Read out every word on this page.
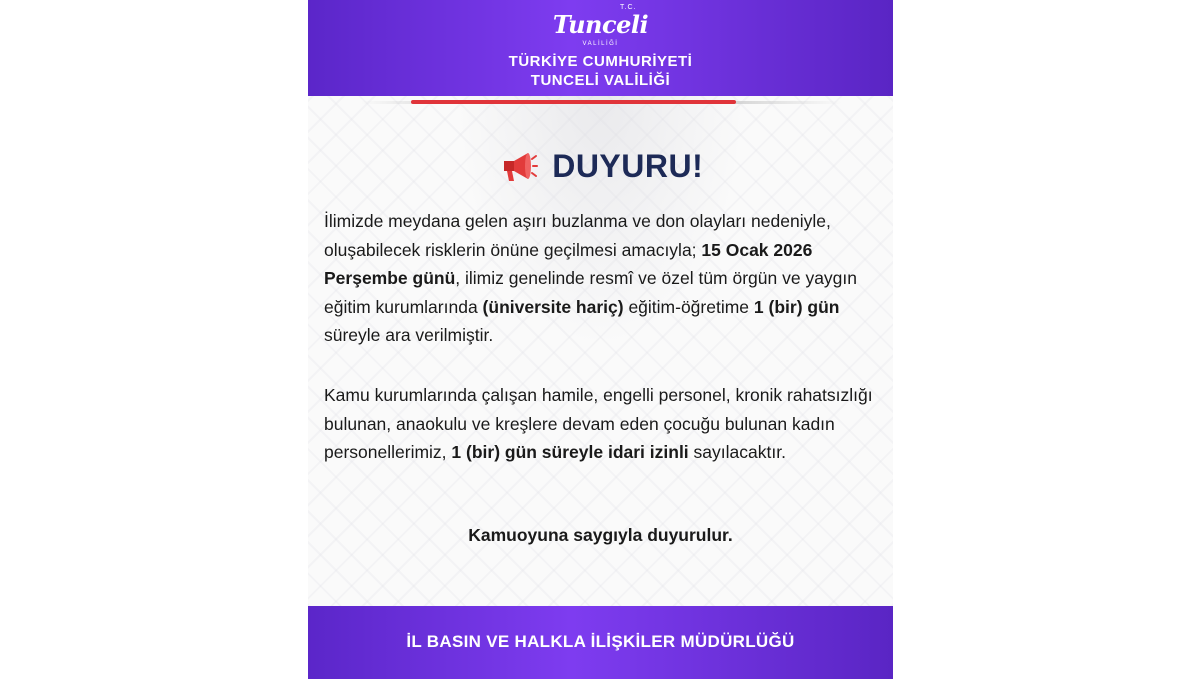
T.C.
Tunceli
VALİLİĞİ
TÜRKİYE CUMHURİYETİ
TUNCELİ VALİLİĞİ
DUYURU!
İlimizde meydana gelen aşırı buzlanma ve don olayları nedeniyle, oluşabilecek risklerin önüne geçilmesi amacıyla; 15 Ocak 2026 Perşembe günü, ilimiz genelinde resmî ve özel tüm örgün ve yaygın eğitim kurumlarında (üniversite hariç) eğitim-öğretime 1 (bir) gün süreyle ara verilmiştir.
Kamu kurumlarında çalışan hamile, engelli personel, kronik rahatsızlığı bulunan, anaokulu ve kreşlere devam eden çocuğu bulunan kadın personellerimiz, 1 (bir) gün süreyle idari izinli sayılacaktır.
Kamuoyuna saygıyla duyurulur.
İL BASIN VE HALKLA İLİŞKİLER MÜDÜRLÜĞÜ
